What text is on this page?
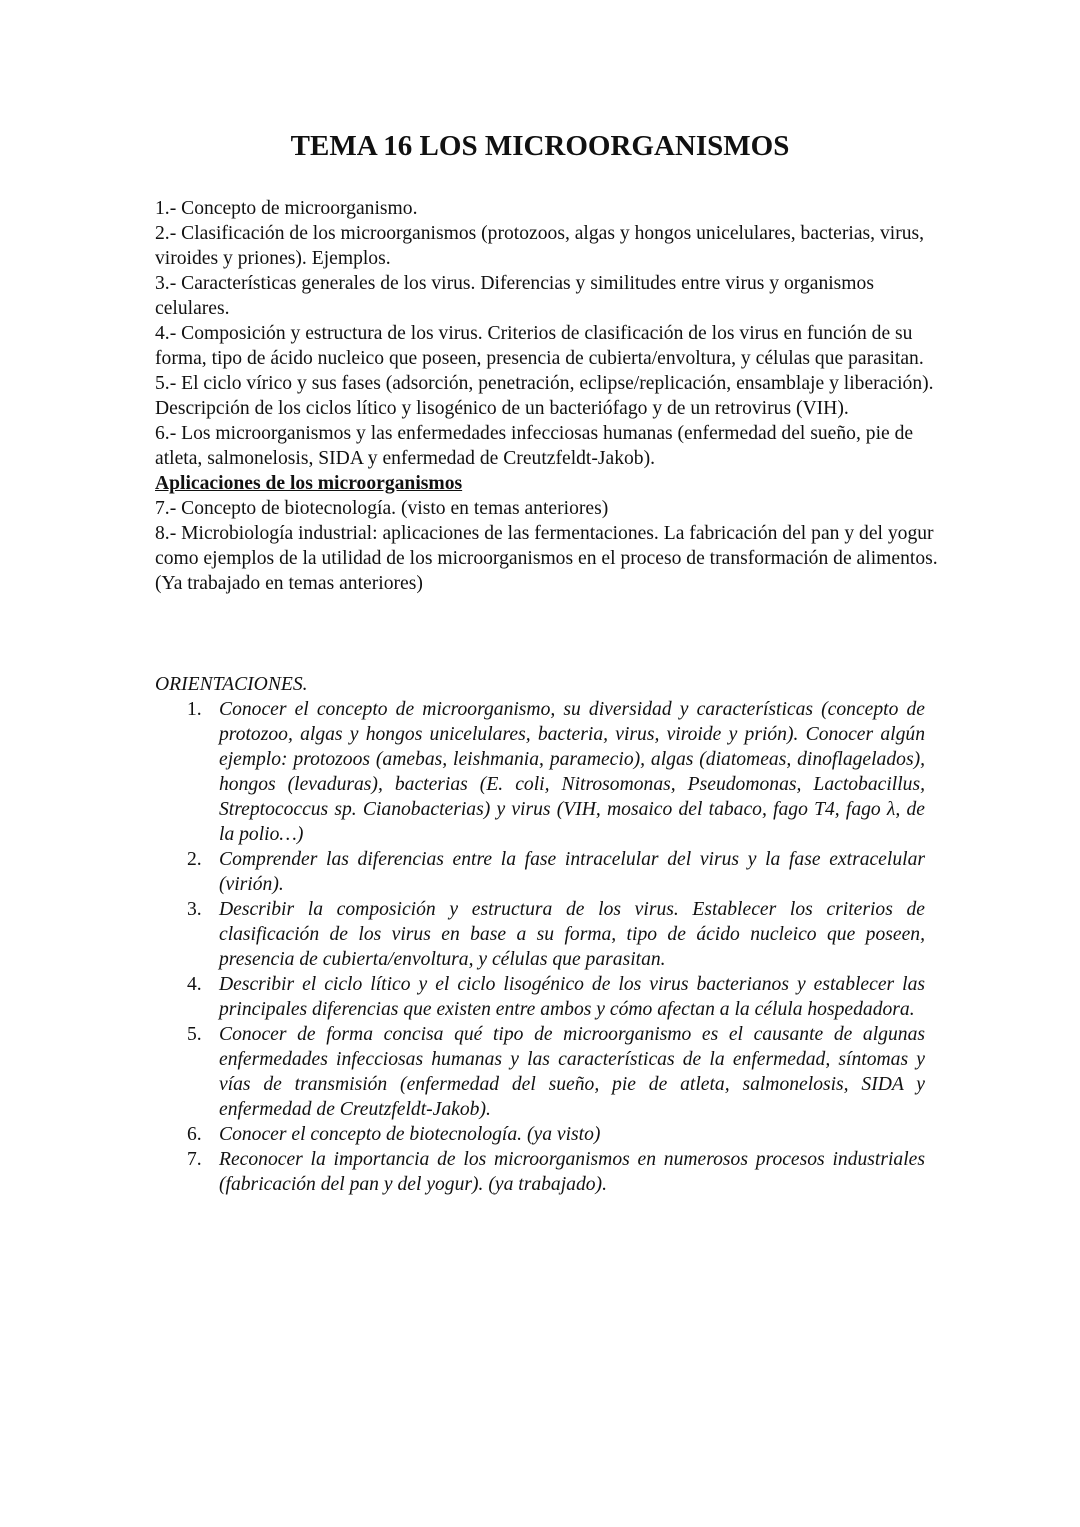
TEMA 16 LOS MICROORGANISMOS

1.- Concepto de microorganismo.

2.- Clasificación de los microorganismos (protozoos, algas y hongos unicelulares, bacterias, virus, viroides y priones). Ejemplos.

3.- Características generales de los virus. Diferencias y similitudes entre virus y organismos celulares.

4.- Composición y estructura de los virus. Criterios de clasificación de los virus en función de su forma, tipo de ácido nucleico que poseen, presencia de cubierta/envoltura, y células que parasitan.

5.- El ciclo vírico y sus fases (adsorción, penetración, eclipse/replicación, ensamblaje y liberación). Descripción de los ciclos lítico y lisogénico de un bacteriófago y de un retrovirus (VIH).

6.- Los microorganismos y las enfermedades infecciosas humanas (enfermedad del sueño, pie de atleta, salmonelosis, SIDA y enfermedad de Creutzfeldt-Jakob).

Aplicaciones de los microorganismos

7.- Concepto de biotecnología. (visto en temas anteriores)

8.- Microbiología industrial: aplicaciones de las fermentaciones. La fabricación del pan y del yogur como ejemplos de la utilidad de los microorganismos en el proceso de transformación de alimentos. (Ya trabajado en temas anteriores)

ORIENTACIONES.

1. Conocer el concepto de microorganismo, su diversidad y características (concepto de protozoo, algas y hongos unicelulares, bacteria, virus, viroide y prión). Conocer algún ejemplo: protozoos (amebas, leishmania, paramecio), algas (diatomeas, dinoflagelados), hongos (levaduras), bacterias (E. coli, Nitrosomonas, Pseudomonas, Lactobacillus, Streptococcus sp. Cianobacterias) y virus (VIH, mosaico del tabaco, fago T4, fago λ, de la polio…)
2. Comprender las diferencias entre la fase intracelular del virus y la fase extracelular (virión).
3. Describir la composición y estructura de los virus. Establecer los criterios de clasificación de los virus en base a su forma, tipo de ácido nucleico que poseen, presencia de cubierta/envoltura, y células que parasitan.
4. Describir el ciclo lítico y el ciclo lisogénico de los virus bacterianos y establecer las principales diferencias que existen entre ambos y cómo afectan a la célula hospedadora.
5. Conocer de forma concisa qué tipo de microorganismo es el causante de algunas enfermedades infecciosas humanas y las características de la enfermedad, síntomas y vías de transmisión (enfermedad del sueño, pie de atleta, salmonelosis, SIDA y enfermedad de Creutzfeldt-Jakob).
6. Conocer el concepto de biotecnología. (ya visto)
7. Reconocer la importancia de los microorganismos en numerosos procesos industriales (fabricación del pan y del yogur). (ya trabajado).
